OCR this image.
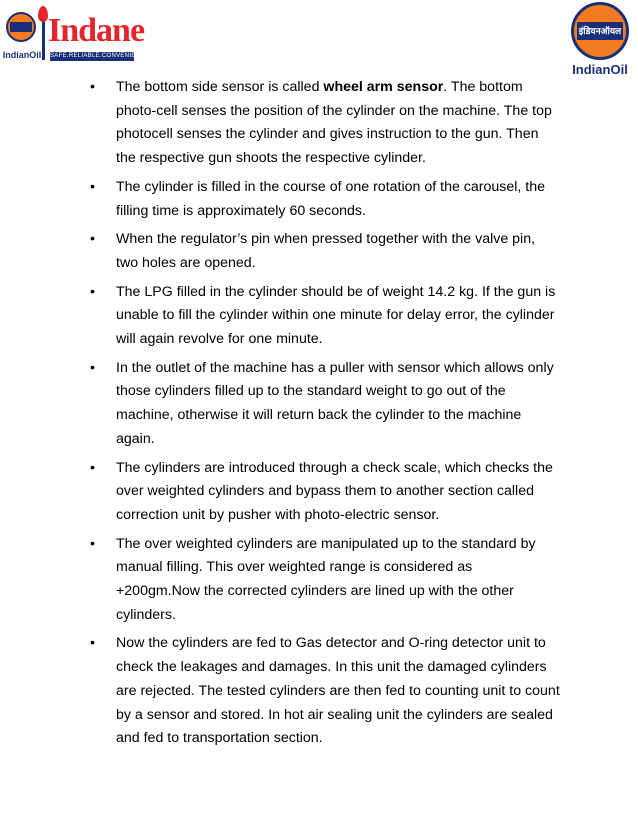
IndianOil
Indane
SAFE.RELIABLE.CONVENIENT
इंडियनऑयल
IndianOil
•	The bottom side sensor is called wheel arm sensor. The bottom photo-cell senses the position of the cylinder on the machine. The top photocell senses the cylinder and gives instruction to the gun. Then the respective gun shoots the respective cylinder.
•	The cylinder is filled in the course of one rotation of the carousel, the filling time is approximately 60 seconds.
•	When the regulator’s pin when pressed together with the valve pin, two holes are opened.
•	The LPG filled in the cylinder should be of weight 14.2 kg. If the gun is unable to fill the cylinder within one minute for delay error, the cylinder will again revolve for one minute.
•	In the outlet of the machine has a puller with sensor which allows only those cylinders filled up to the standard weight to go out of the machine, otherwise it will return back the cylinder to the machine again.
•	The cylinders are introduced through a check scale, which checks the over weighted cylinders and bypass them to another section called correction unit by pusher with photo-electric sensor.
•	The over weighted cylinders are manipulated up to the standard by manual filling. This over weighted range is considered as +200gm.Now the corrected cylinders are lined up with the other cylinders.
•	Now the cylinders are fed to Gas detector and O-ring detector unit to check the leakages and damages. In this unit the damaged cylinders are rejected. The tested cylinders are then fed to counting unit to count by a sensor and stored. In hot air sealing unit the cylinders are sealed and fed to transportation section.
